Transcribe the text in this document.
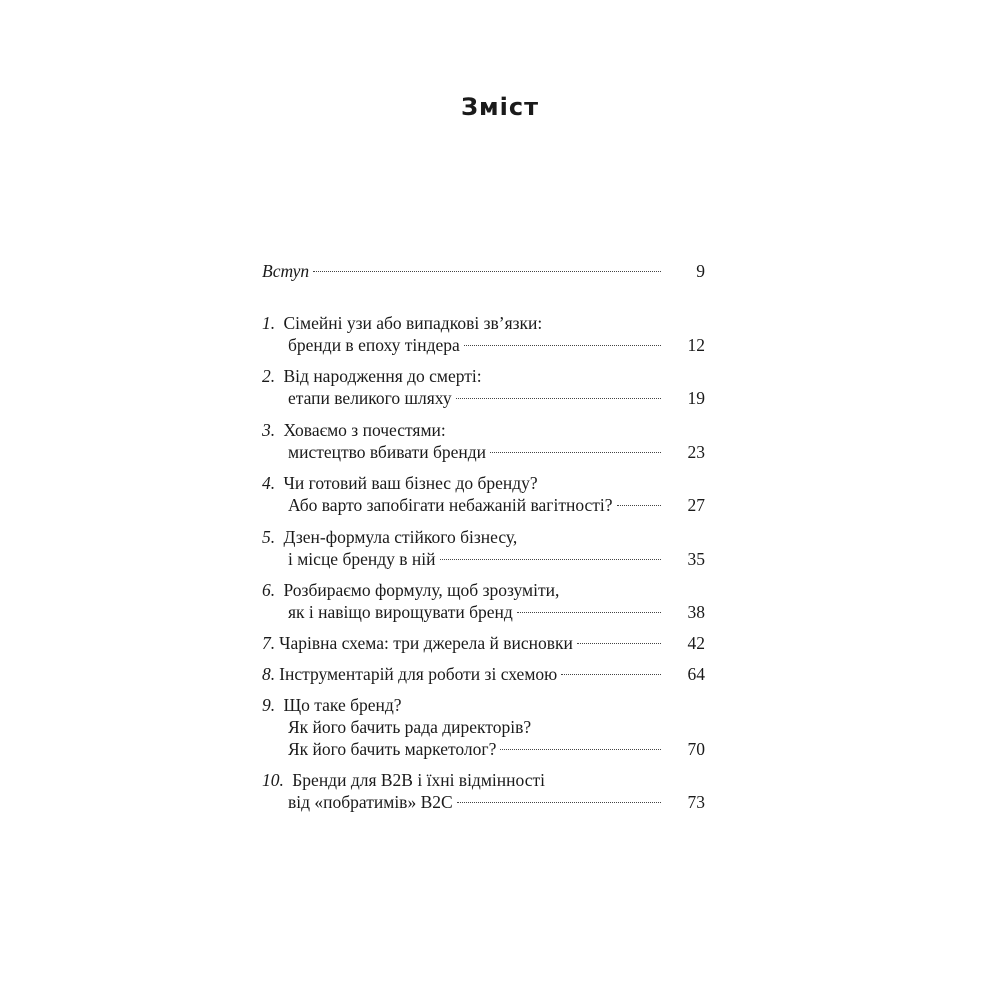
Зміст
Вступ	9
1. Сімейні узи або випадкові зв’язки:
бренди в епоху тіндера	12
2. Від народження до смерті:
етапи великого шляху	19
3. Ховаємо з почестями:
мистецтво вбивати бренди	23
4. Чи готовий ваш бізнес до бренду?
Або варто запобігати небажаній вагітності?	27
5. Дзен-формула стійкого бізнесу,
і місце бренду в ній	35
6. Розбираємо формулу, щоб зрозуміти,
як і навіщо вирощувати бренд	38
7. Чарівна схема: три джерела й висновки	42
8. Інструментарій для роботи зі схемою	64
9. Що таке бренд?
Як його бачить рада директорів?
Як його бачить маркетолог?	70
10. Бренди для B2B і їхні відмінності
від «побратимів» B2C	73
